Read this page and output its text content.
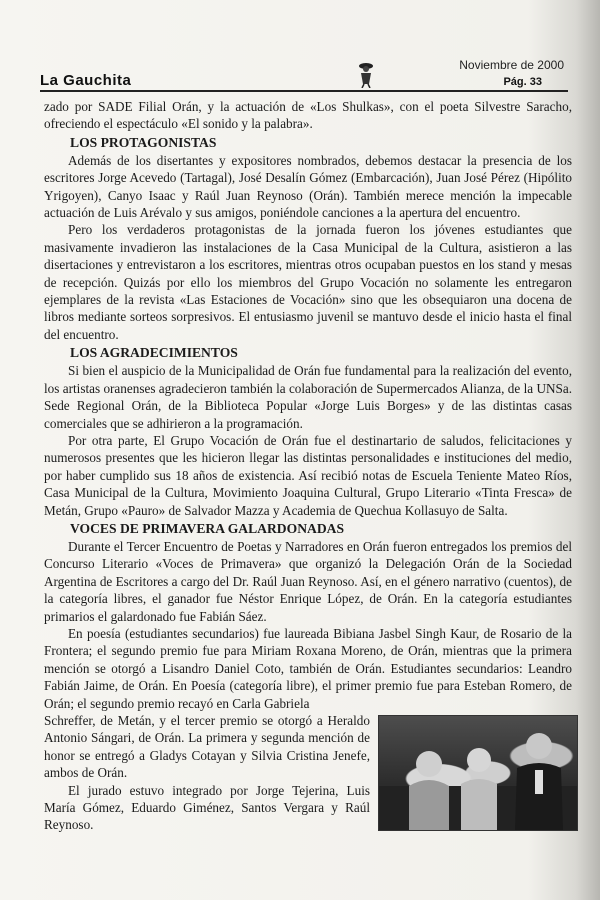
La Gauchita
Noviembre de 2000
Pág. 33

zado por SADE Filial Orán, y la actuación de «Los Shulkas», con el poeta Silvestre Saracho, ofreciendo el espectáculo «El sonido y la palabra».

LOS PROTAGONISTAS

Además de los disertantes y expositores nombrados, debemos destacar la presencia de los escritores Jorge Acevedo (Tartagal), José Desalín Gómez (Embarcación), Juan José Pérez (Hipólito Yrigoyen), Canyo Isaac y Raúl Juan Reynoso (Orán). También merece mención la impecable actuación de Luis Arévalo y sus amigos, poniéndole canciones a la apertura del encuentro.

Pero los verdaderos protagonistas de la jornada fueron los jóvenes estudiantes que masivamente invadieron las instalaciones de la Casa Municipal de la Cultura, asistieron a las disertaciones y entrevistaron a los escritores, mientras otros ocupaban puestos en los stand y mesas de recepción. Quizás por ello los miembros del Grupo Vocación no solamente les entregaron ejemplares de la revista «Las Estaciones de Vocación» sino que les obsequiaron una docena de libros mediante sorteos sorpresivos. El entusiasmo juvenil se mantuvo desde el inicio hasta el final del encuentro.

LOS AGRADECIMIENTOS

Si bien el auspicio de la Municipalidad de Orán fue fundamental para la realización del evento, los artistas oranenses agradecieron también la colaboración de Supermercados Alianza, de la UNSa. Sede Regional Orán, de la Biblioteca Popular «Jorge Luis Borges» y de las distintas casas comerciales que se adhirieron a la programación.

Por otra parte, El Grupo Vocación de Orán fue el destinartario de saludos, felicitaciones y numerosos presentes que les hicieron llegar las distintas personalidades e instituciones del medio, por haber cumplido sus 18 años de existencia. Así recibió notas de Escuela Teniente Mateo Ríos, Casa Municipal de la Cultura, Movimiento Joaquina Cultural, Grupo Literario «Tinta Fresca» de Metán, Grupo «Pauro» de Salvador Mazza y Academia de Quechua Kollasuyo de Salta.

VOCES DE PRIMAVERA GALARDONADAS

Durante el Tercer Encuentro de Poetas y Narradores en Orán fueron entregados los premios del Concurso Literario «Voces de Primavera» que organizó la Delegación Orán de la Sociedad Argentina de Escritores a cargo del Dr. Raúl Juan Reynoso. Así, en el género narrativo (cuentos), de la categoría libres, el ganador fue Néstor Enrique López, de Orán. En la categoría estudiantes primarios el galardonado fue Fabián Sáez.

En poesía (estudiantes secundarios) fue laureada Bibiana Jasbel Singh Kaur, de Rosario de la Frontera; el segundo premio fue para Miriam Roxana Moreno, de Orán, mientras que la primera mención se otorgó a Lisandro Daniel Coto, también de Orán. Estudiantes secundarios: Leandro Fabián Jaime, de Orán. En Poesía (categoría libre), el primer premio fue para Esteban Romero, de Orán; el segundo premio recayó en Carla Gabriela

Schreffer, de Metán, y el tercer premio se otorgó a Heraldo Antonio Sángari, de Orán. La primera y segunda mención de honor se entregó a Gladys Cotayan y Silvia Cristina Jenefe, ambos de Orán.

El jurado estuvo integrado por Jorge Tejerina, Luis María Gómez, Eduardo Giménez, Santos Vergara y Raúl Reynoso.
